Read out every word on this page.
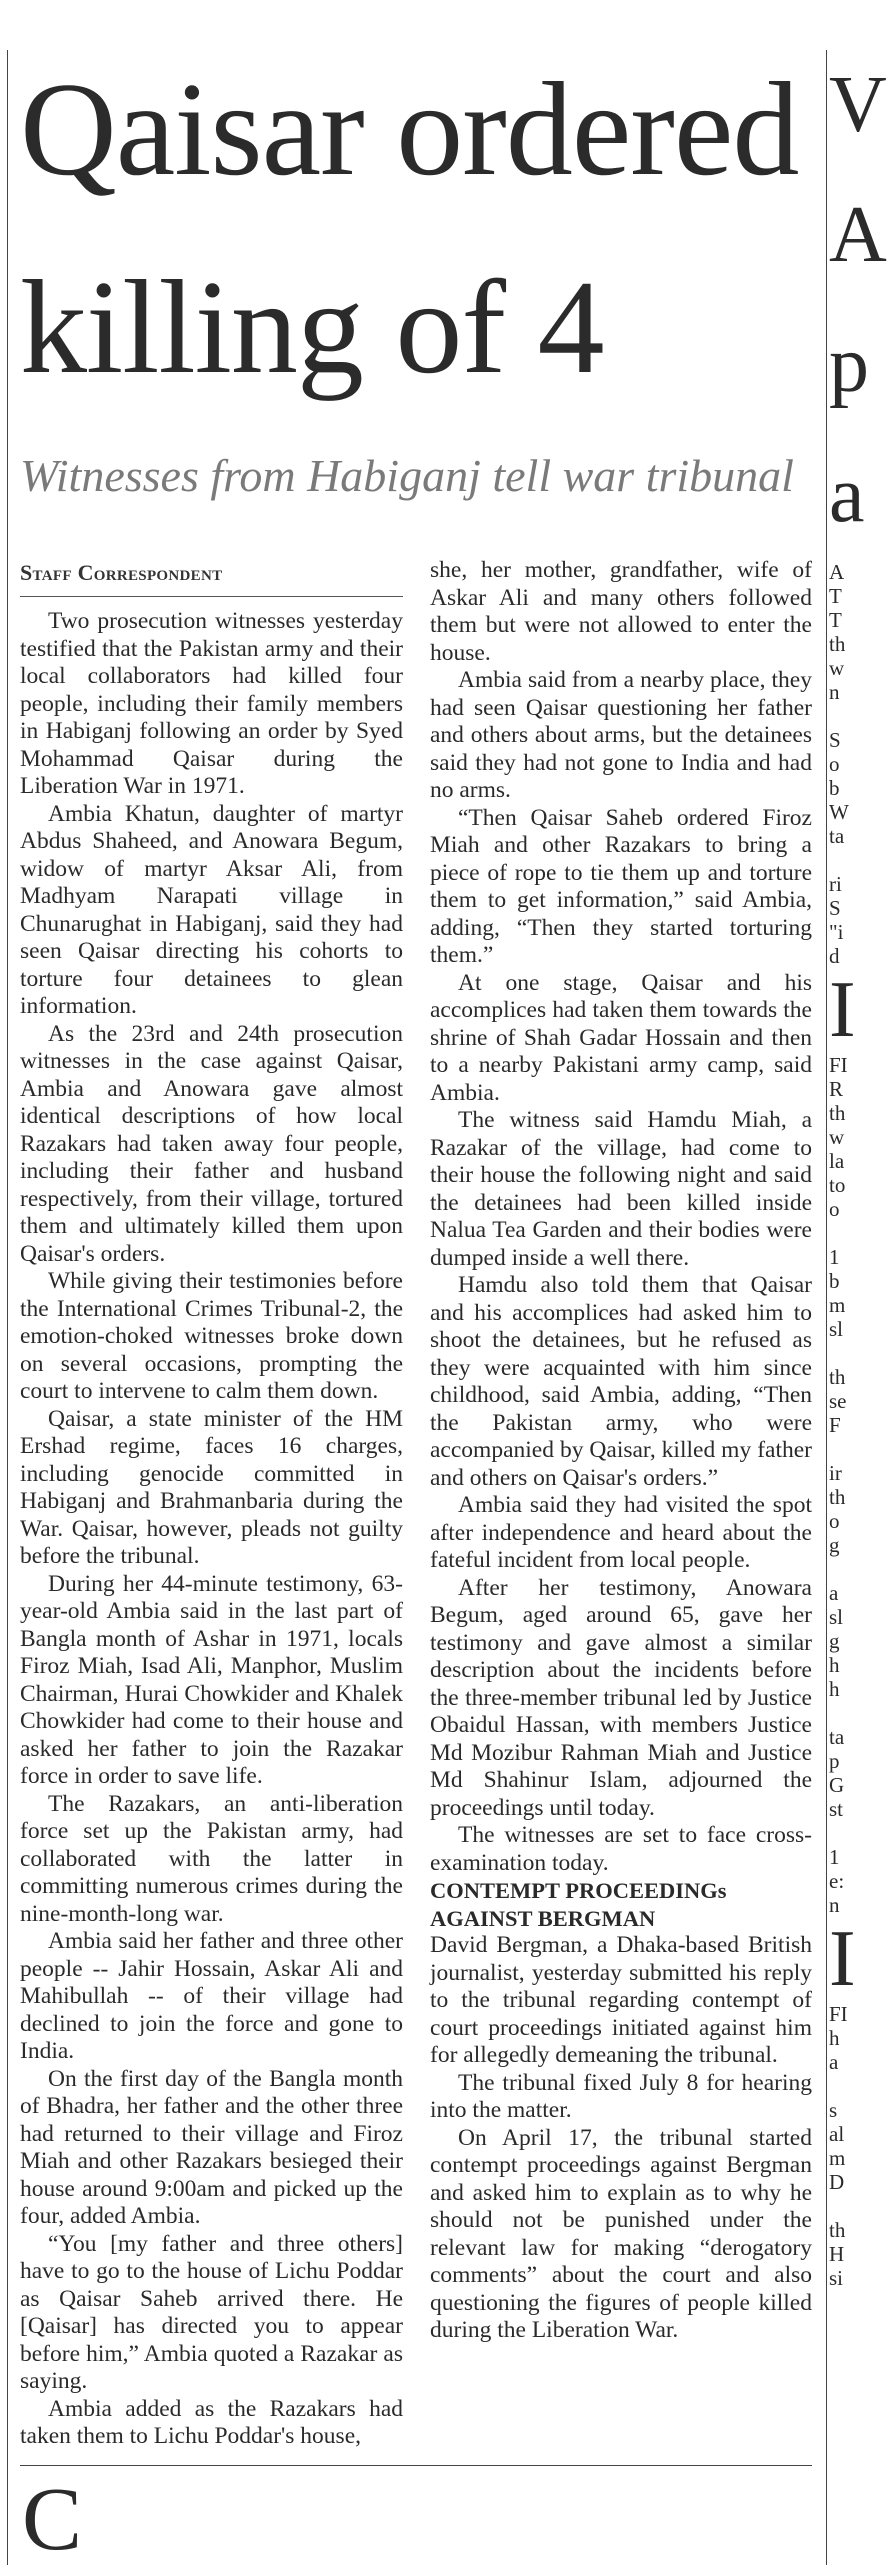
Qaisar ordered killing of 4
Witnesses from Habiganj tell war tribunal
Staff Correspondent

Two prosecution witnesses yesterday testified that the Pakistan army and their local collaborators had killed four people, including their family members in Habiganj following an order by Syed Mohammad Qaisar during the Liberation War in 1971.

Ambia Khatun, daughter of martyr Abdus Shaheed, and Anowara Begum, widow of martyr Aksar Ali, from Madhyam Narapati village in Chunarughat in Habiganj, said they had seen Qaisar directing his cohorts to torture four detainees to glean information.

As the 23rd and 24th prosecution witnesses in the case against Qaisar, Ambia and Anowara gave almost identical descriptions of how local Razakars had taken away four people, including their father and husband respectively, from their village, tortured them and ultimately killed them upon Qaisar's orders.

While giving their testimonies before the International Crimes Tribunal-2, the emotion-choked witnesses broke down on several occasions, prompting the court to intervene to calm them down.

Qaisar, a state minister of the HM Ershad regime, faces 16 charges, including genocide committed in Habiganj and Brahmanbaria during the War. Qaisar, however, pleads not guilty before the tribunal.

During her 44-minute testimony, 63-year-old Ambia said in the last part of Bangla month of Ashar in 1971, locals Firoz Miah, Isad Ali, Manphor, Muslim Chairman, Hurai Chowkider and Khalek Chowkider had come to their house and asked her father to join the Razakar force in order to save life.

The Razakars, an anti-liberation force set up the Pakistan army, had collaborated with the latter in committing numerous crimes during the nine-month-long war.

Ambia said her father and three other people -- Jahir Hossain, Askar Ali and Mahibullah -- of their village had declined to join the force and gone to India.

On the first day of the Bangla month of Bhadra, her father and the other three had returned to their village and Firoz Miah and other Razakars besieged their house around 9:00am and picked up the four, added Ambia.

“You [my father and three others] have to go to the house of Lichu Poddar as Qaisar Saheb arrived there. He [Qaisar] has directed you to appear before him,” Ambia quoted a Razakar as saying.

Ambia added as the Razakars had taken them to Lichu Poddar's house,

she, her mother, grandfather, wife of Askar Ali and many others followed them but were not allowed to enter the house.

Ambia said from a nearby place, they had seen Qaisar questioning her father and others about arms, but the detainees said they had not gone to India and had no arms.

“Then Qaisar Saheb ordered Firoz Miah and other Razakars to bring a piece of rope to tie them up and torture them to get information,” said Ambia, adding, “Then they started torturing them.”

At one stage, Qaisar and his accomplices had taken them towards the shrine of Shah Gadar Hossain and then to a nearby Pakistani army camp, said Ambia.

The witness said Hamdu Miah, a Razakar of the village, had come to their house the following night and said the detainees had been killed inside Nalua Tea Garden and their bodies were dumped inside a well there.

Hamdu also told them that Qaisar and his accomplices had asked him to shoot the detainees, but he refused as they were acquainted with him since childhood, said Ambia, adding, “Then the Pakistan army, who were accompanied by Qaisar, killed my father and others on Qaisar's orders.”

Ambia said they had visited the spot after independence and heard about the fateful incident from local people.

After her testimony, Anowara Begum, aged around 65, gave her testimony and gave almost a similar description about the incidents before the three-member tribunal led by Justice Obaidul Hassan, with members Justice Md Mozibur Rahman Miah and Justice Md Shahinur Islam, adjourned the proceedings until today.

The witnesses are set to face cross-examination today.

CONTEMPT PROCEEDINGs
AGAINST BERGMAN

David Bergman, a Dhaka-based British journalist, yesterday submitted his reply to the tribunal regarding contempt of court proceedings initiated against him for allegedly demeaning the tribunal.

The tribunal fixed July 8 for hearing into the matter.

On April 17, the tribunal started contempt proceedings against Bergman and asked him to explain as to why he should not be punished under the relevant law for making “derogatory comments” about the court and also questioning the figures of people killed during the Liberation War.

C
V
A
p
a
A
T
T
th
w
n
S
o
b
W
ta
ri
S
"i
d
I
FI
R
th
w
la
to
o
1
b
m
sl
th
se
F
ir
th
o
g
a
sl
g
h
h
ta
p
G
st
1
e:
n
I
FI
h
a
s
al
m
D
th
H
si
